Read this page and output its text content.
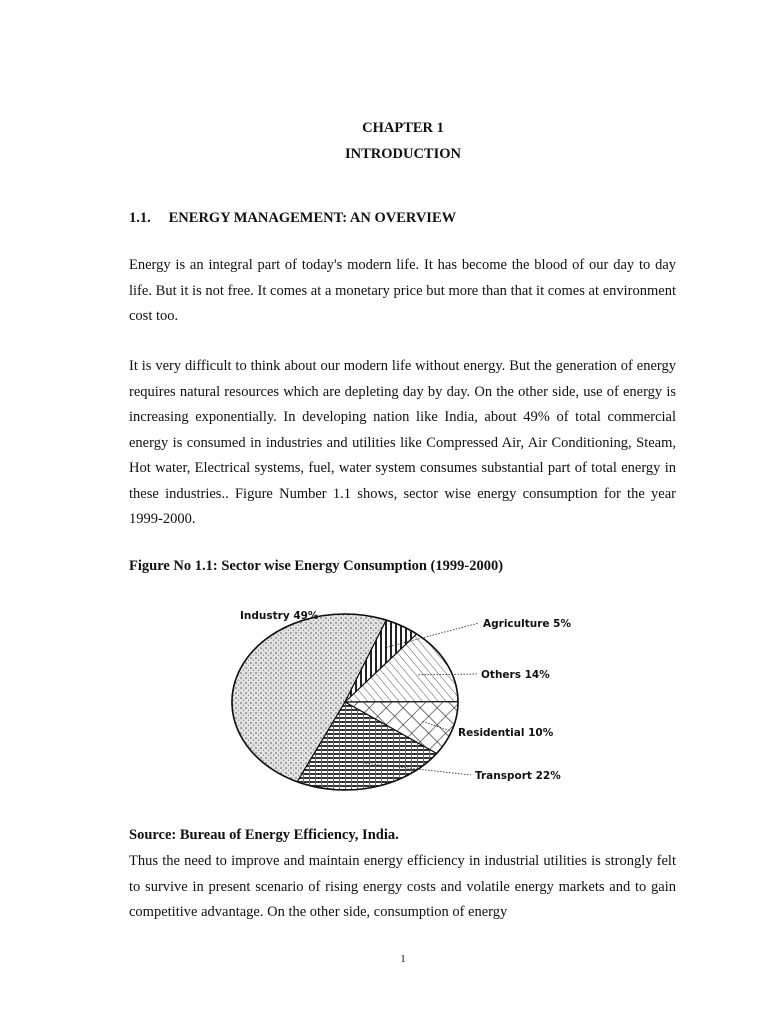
CHAPTER 1
INTRODUCTION
1.1. ENERGY MANAGEMENT: AN OVERVIEW

Energy is an integral part of today's modern life. It has become the blood of our day to day life. But it is not free. It comes at a monetary price but more than that it comes at environment cost too.

It is very difficult to think about our modern life without energy. But the generation of energy requires natural resources which are depleting day by day. On the other side, use of energy is increasing exponentially. In developing nation like India, about 49% of total commercial energy is consumed in industries and utilities like Compressed Air, Air Conditioning, Steam, Hot water, Electrical systems, fuel, water system consumes substantial part of total energy in these industries.. Figure Number 1.1 shows, sector wise energy consumption for the year 1999-2000.

Figure No 1.1: Sector wise Energy Consumption (1999-2000)
Industry 49%
Agriculture 5%
Others 14%
Residential 10%
Transport 22%
Source: Bureau of Energy Efficiency, India.

Thus the need to improve and maintain energy efficiency in industrial utilities is strongly felt to survive in present scenario of rising energy costs and volatile energy markets and to gain competitive advantage. On the other side, consumption of energy

1
